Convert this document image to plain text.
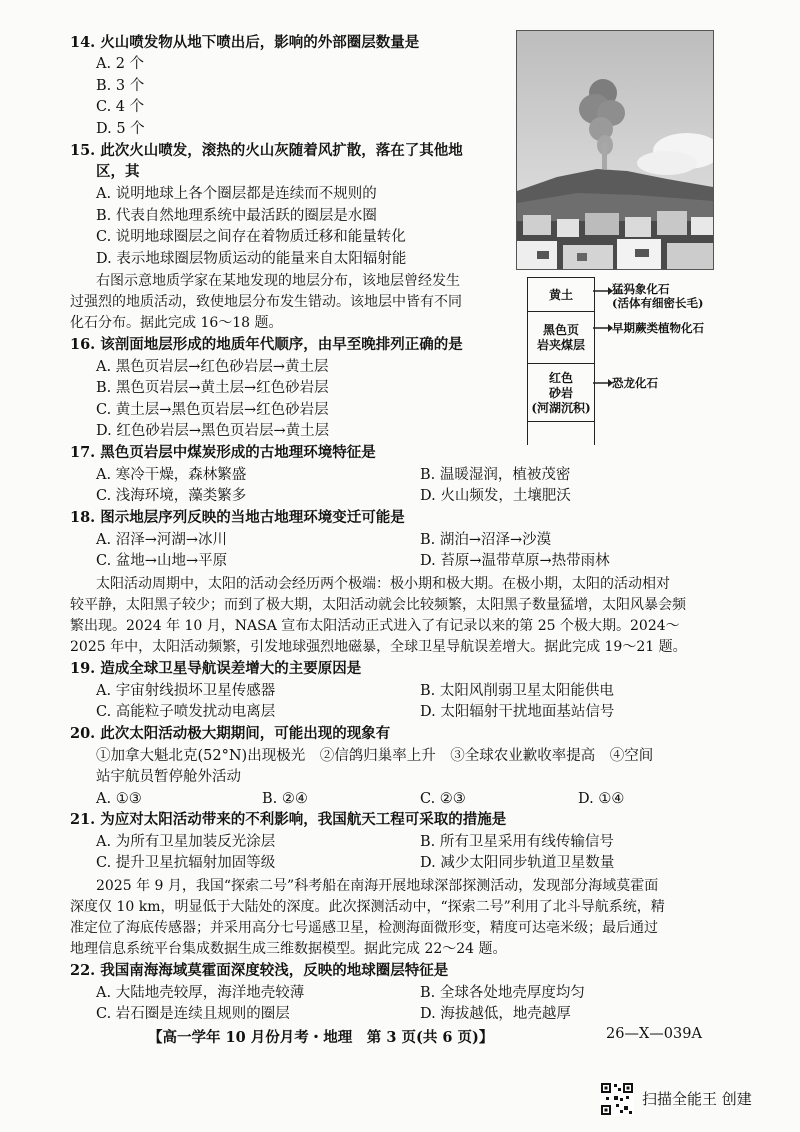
14. 火山喷发物从地下喷出后，影响的外部圈层数量是
A. 2 个
B. 3 个
C. 4 个
D. 5 个
15. 此次火山喷发，滚热的火山灰随着风扩散，落在了其他地
区，其
A. 说明地球上各个圈层都是连续而不规则的
B. 代表自然地理系统中最活跃的圈层是水圈
C. 说明地球圈层之间存在着物质迁移和能量转化
D. 表示地球圈层物质运动的能量来自太阳辐射能
右图示意地质学家在某地发现的地层分布，该地层曾经发生
过强烈的地质活动，致使地层分布发生错动。该地层中皆有不同
化石分布。据此完成 16～18 题。
16. 该剖面地层形成的地质年代顺序，由早至晚排列正确的是
A. 黑色页岩层→红色砂岩层→黄土层
B. 黑色页岩层→黄土层→红色砂岩层
C. 黄土层→黑色页岩层→红色砂岩层
D. 红色砂岩层→黑色页岩层→黄土层
17. 黑色页岩层中煤炭形成的古地理环境特征是
A. 寒冷干燥，森林繁盛	B. 温暖湿润，植被茂密
C. 浅海环境，藻类繁多	D. 火山频发，土壤肥沃
18. 图示地层序列反映的当地古地理环境变迁可能是
A. 沼泽→河湖→冰川	B. 湖泊→沼泽→沙漠
C. 盆地→山地→平原	D. 苔原→温带草原→热带雨林
太阳活动周期中，太阳的活动会经历两个极端：极小期和极大期。在极小期，太阳的活动相对
较平静，太阳黑子较少；而到了极大期，太阳活动就会比较频繁，太阳黑子数量猛增，太阳风暴会频
繁出现。2024 年 10 月，NASA 宣布太阳活动正式进入了有记录以来的第 25 个极大期。2024～
2025 年中，太阳活动频繁，引发地球强烈地磁暴，全球卫星导航误差增大。据此完成 19～21 题。
19. 造成全球卫星导航误差增大的主要原因是
A. 宇宙射线损坏卫星传感器	B. 太阳风削弱卫星太阳能供电
C. 高能粒子喷发扰动电离层	D. 太阳辐射干扰地面基站信号
20. 此次太阳活动极大期期间，可能出现的现象有
①加拿大魁北克(52°N)出现极光　②信鸽归巢率上升　③全球农业歉收率提高　④空间
站宇航员暂停舱外活动
A. ①③	B. ②④	C. ②③	D. ①④
21. 为应对太阳活动带来的不利影响，我国航天工程可采取的措施是
A. 为所有卫星加装反光涂层	B. 所有卫星采用有线传输信号
C. 提升卫星抗辐射加固等级	D. 减少太阳同步轨道卫星数量
2025 年 9 月，我国“探索二号”科考船在南海开展地球深部探测活动，发现部分海域莫霍面
深度仅 10 km，明显低于大陆处的深度。此次探测活动中，“探索二号”利用了北斗导航系统，精
准定位了海底传感器；并采用高分七号遥感卫星，检测海面微形变，精度可达亳米级；最后通过
地理信息系统平台集成数据生成三维数据模型。据此完成 22～24 题。
22. 我国南海海域莫霍面深度较浅，反映的地球圈层特征是
A. 大陆地壳较厚，海洋地壳较薄	B. 全球各处地壳厚度均匀
C. 岩石圈是连续且规则的圈层	D. 海拔越低，地壳越厚
黄土
黑色页
岩夹煤层
红色
砂岩
(河湖沉积)
猛犸象化石
(活体有细密长毛)
早期蕨类植物化石
恐龙化石
【高一学年 10 月份月考・地理　第 3 页(共 6 页)】	26—X—039A
扫描全能王 创建
